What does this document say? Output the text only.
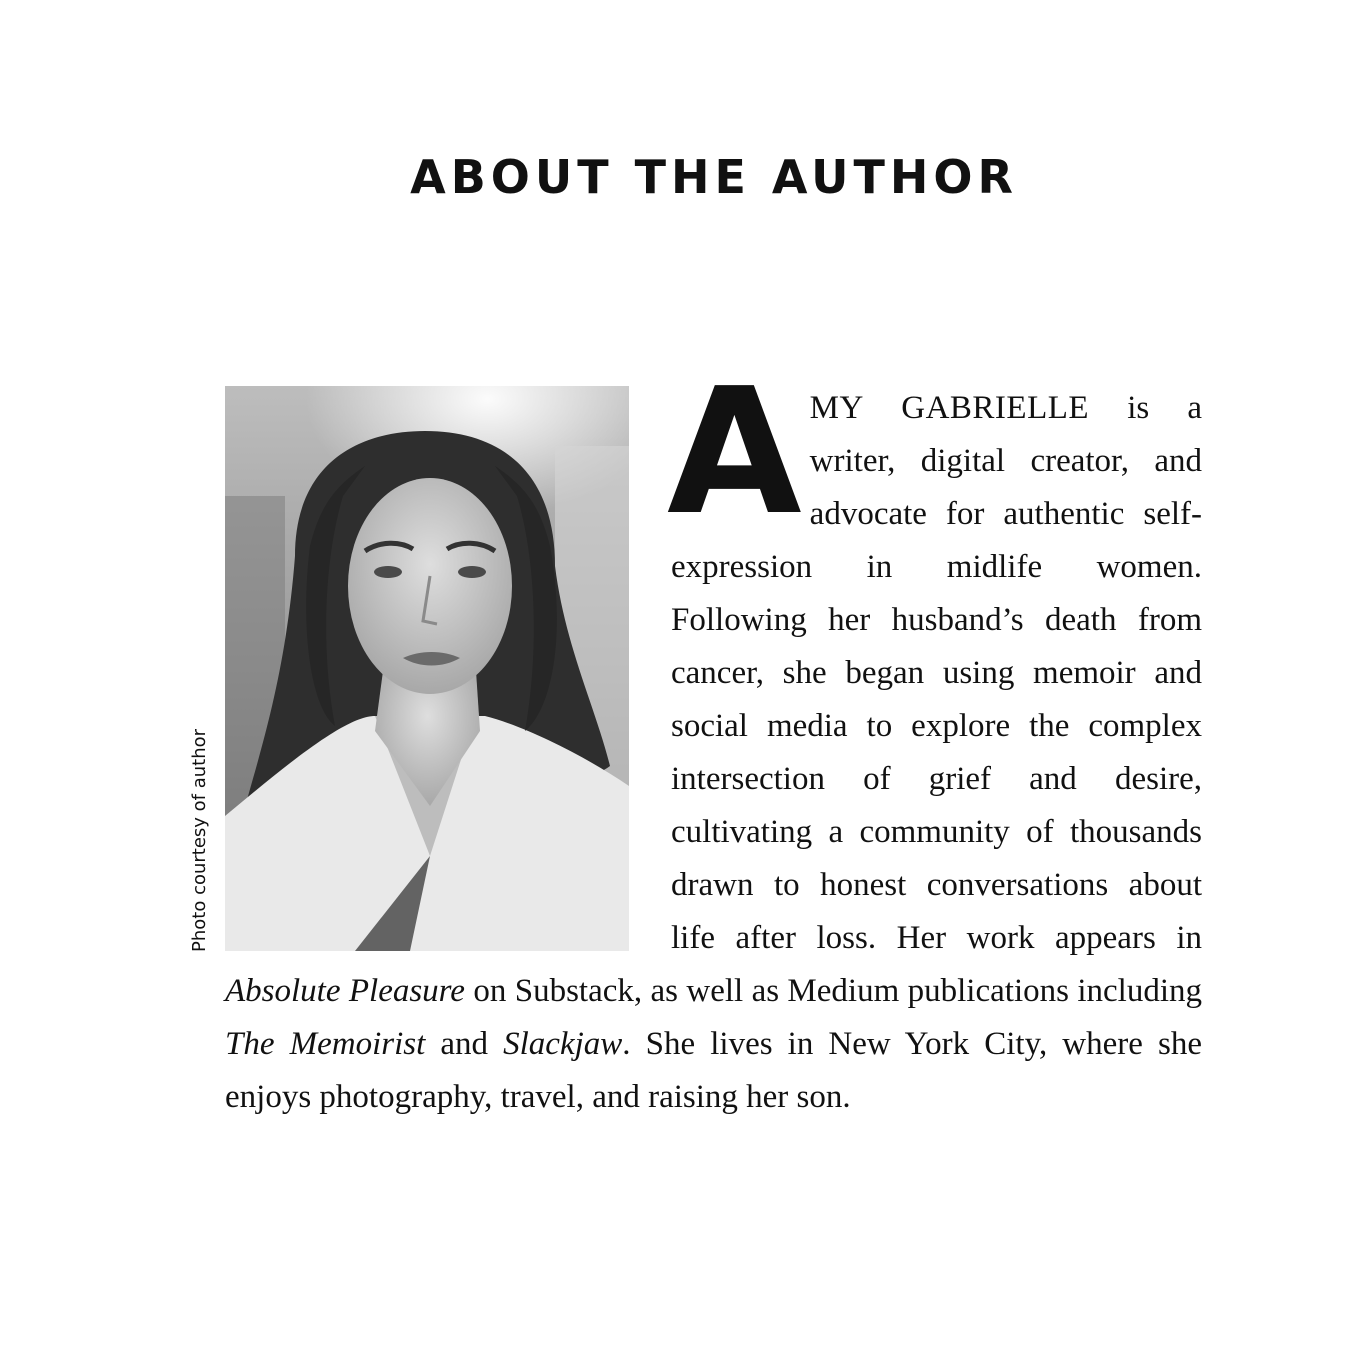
ABOUT THE AUTHOR
Photo courtesy of author

A MY GABRIELLE is a writer, digital creator, and advocate for authentic self-expression in midlife women. Following her husband’s death from cancer, she began using memoir and social media to explore the complex intersection of grief and desire, cultivating a community of thousands drawn to honest conversations about life after loss. Her work appears in Absolute Pleasure on Substack, as well as Medium publications including The Memoirist and Slackjaw. She lives in New York City, where she enjoys photography, travel, and raising her son.
